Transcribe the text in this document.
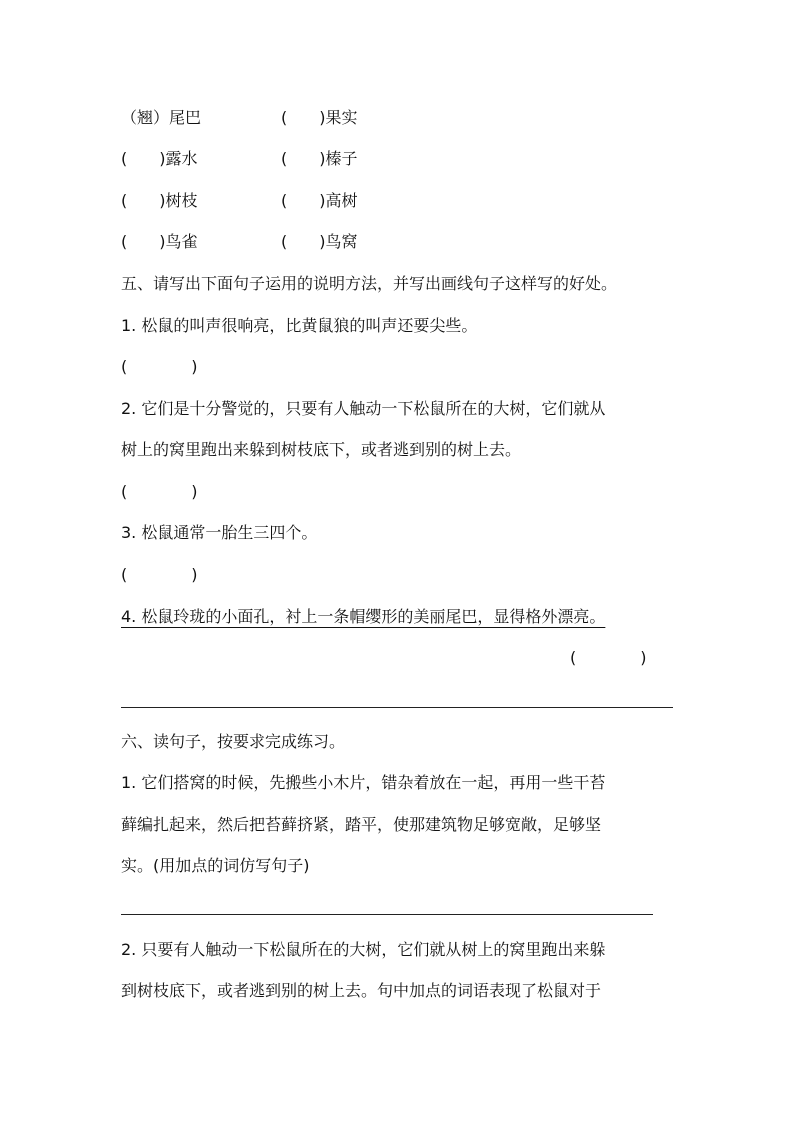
（翘）尾巴	(　　)果实
(　　)露水	(　　)榛子
(　　)树枝	(　　)高树
(　　)鸟雀	(　　)鸟窝
五、请写出下面句子运用的说明方法，并写出画线句子这样写的好处。
1. 松鼠的叫声很响亮，比黄鼠狼的叫声还要尖些。
(　　　　)
2. 它们是十分警觉的，只要有人触动一下松鼠所在的大树，它们就从
树上的窝里跑出来躲到树枝底下，或者逃到别的树上去。
(　　　　)
3. 松鼠通常一胎生三四个。
(　　　　)
4. 松鼠玲珑的小面孔，衬上一条帽缨形的美丽尾巴，显得格外漂亮。
(　　　　)
六、读句子，按要求完成练习。
1. 它们搭窝的时候，先搬些小木片，错杂着放在一起，再用一些干苔
藓编扎起来，然后把苔藓挤紧，踏平，使那建筑物足够宽敞，足够坚
实。(用加点的词仿写句子)
2. 只要有人触动一下松鼠所在的大树，它们就从树上的窝里跑出来躲
到树枝底下，或者逃到别的树上去。句中加点的词语表现了松鼠对于
